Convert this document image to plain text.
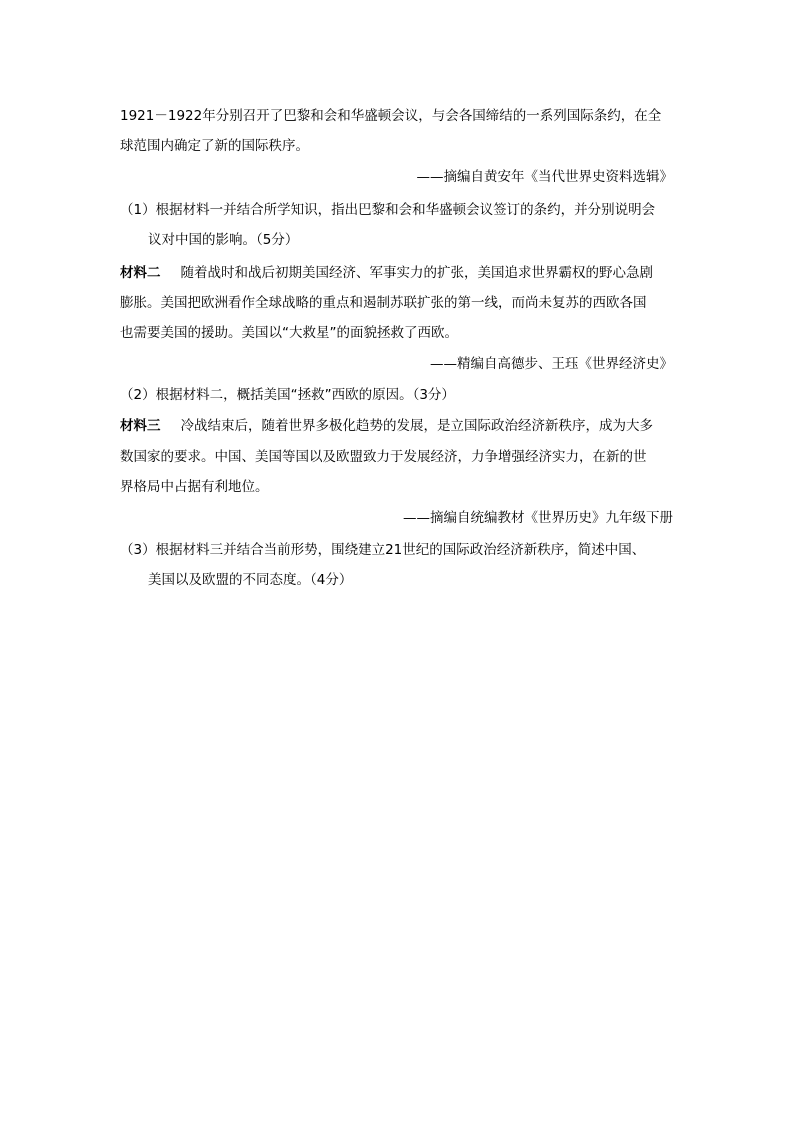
1921－1922年分别召开了巴黎和会和华盛顿会议，与会各国缔结的一系列国际条约，在全
球范围内确定了新的国际秩序。
——摘编自黄安年《当代世界史资料选辑》
（1）根据材料一并结合所学知识，指出巴黎和会和华盛顿会议签订的条约，并分别说明会
议对中国的影响。（5分）
材料二 随着战时和战后初期美国经济、军事实力的扩张，美国追求世界霸权的野心急剧
膨胀。美国把欧洲看作全球战略的重点和遏制苏联扩张的第一线，而尚未复苏的西欧各国
也需要美国的援助。美国以“大救星”的面貌拯救了西欧。
——精编自高德步、王珏《世界经济史》
（2）根据材料二，概括美国“拯救”西欧的原因。（3分）
材料三 冷战结束后，随着世界多极化趋势的发展，是立国际政治经济新秩序，成为大多
数国家的要求。中国、美国等国以及欧盟致力于发展经济，力争增强经济实力，在新的世
界格局中占据有利地位。
——摘编自统编教材《世界历史》九年级下册
（3）根据材料三并结合当前形势，围绕建立21世纪的国际政治经济新秩序，简述中国、
美国以及欧盟的不同态度。（4分）
